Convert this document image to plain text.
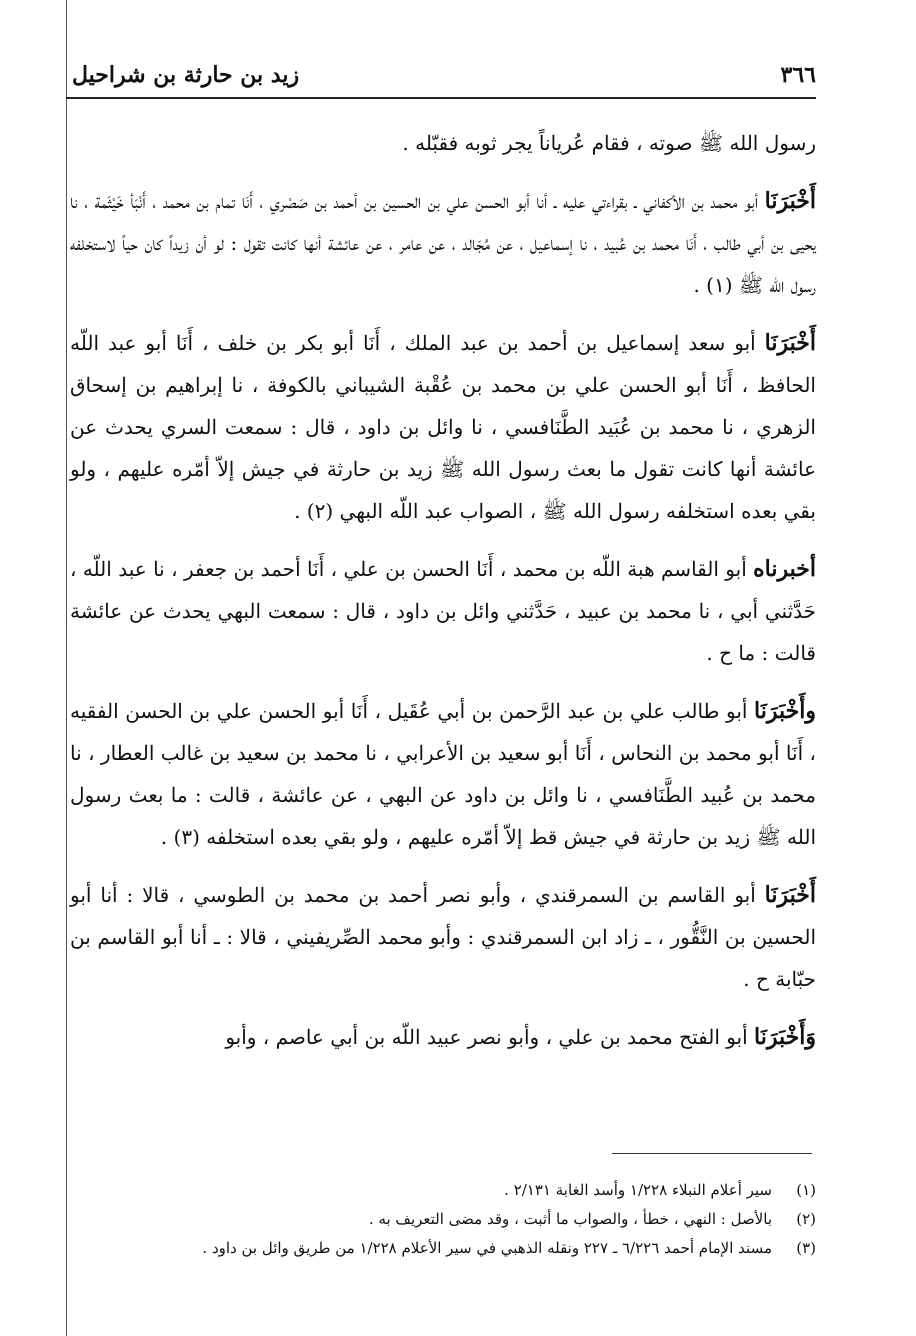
٣٦٦
زيد بن حارثة بن شراحيل

رسول الله ﷺ صوته ، فقام عُرياناً يجر ثوبه فقبّله .

أَخْبَرَنَا أبو محمد بن الأكفاني ـ بقراءتي عليه ـ أنا أبو الحسن علي بن الحسين بن أحمد بن صَصْري ، أَنَا تمام بن محمد ، أَنْبَأ خَيْثَمة ، نا يحيى بن أبي طالب ، أَنَا محمد بن عُبيد ، نا إسماعيل ، عن مُجَالد ، عن عامر ، عن عائشة أنها كانت تقول : لو أن زيداً كان حياً لاستخلفه رسول الله ﷺ (١) .

أَخْبَرَنَا أبو سعد إسماعيل بن أحمد بن عبد الملك ، أَنَا أبو بكر بن خلف ، أَنَا أبو عبد اللّه الحافظ ، أَنَا أبو الحسن علي بن محمد بن عُقْبة الشيباني بالكوفة ، نا إبراهيم بن إسحاق الزهري ، نا محمد بن عُبَيد الطَّنَافسي ، نا وائل بن داود ، قال : سمعت السري يحدث عن عائشة أنها كانت تقول ما بعث رسول الله ﷺ زيد بن حارثة في جيش إلاّ أمّره عليهم ، ولو بقي بعده استخلفه رسول الله ﷺ ، الصواب عبد اللّه البهي (٢) .

أخبرناه أبو القاسم هبة اللّه بن محمد ، أَنَا الحسن بن علي ، أَنَا أحمد بن جعفر ، نا عبد اللّه ، حَدَّثني أبي ، نا محمد بن عبيد ، حَدَّثني وائل بن داود ، قال : سمعت البهي يحدث عن عائشة قالت : ما ح .

وأَخْبَرَنَا أبو طالب علي بن عبد الرَّحمن بن أبي عُقَيل ، أَنَا أبو الحسن علي بن الحسن الفقيه ، أَنَا أبو محمد بن النحاس ، أَنَا أبو سعيد بن الأعرابي ، نا محمد بن سعيد بن غالب العطار ، نا محمد بن عُبيد الطَّنَافسي ، نا وائل بن داود عن البهي ، عن عائشة ، قالت : ما بعث رسول الله ﷺ زيد بن حارثة في جيش قط إلاّ أمّره عليهم ، ولو بقي بعده استخلفه (٣) .

أَخْبَرَنَا أبو القاسم بن السمرقندي ، وأبو نصر أحمد بن محمد بن الطوسي ، قالا : أنا أبو الحسين بن النَّقُّور ، ـ زاد ابن السمرقندي : وأبو محمد الصِّريفيني ، قالا : ـ أنا أبو القاسم بن حبّابة ح .

وَأَخْبَرَنَا أبو الفتح محمد بن علي ، وأبو نصر عبيد اللّه بن أبي عاصم ، وأبو

(١)سير أعلام النبلاء ١/٢٢٨ وأسد الغابة ٢/١٣١ .

(٢)بالأصل : النهي ، خطأ ، والصواب ما أثبت ، وقد مضى التعريف به .

(٣)مسند الإمام أحمد ٦/٢٢٦ ـ ٢٢٧ ونقله الذهبي في سير الأعلام ١/٢٢٨ من طريق وائل بن داود .
